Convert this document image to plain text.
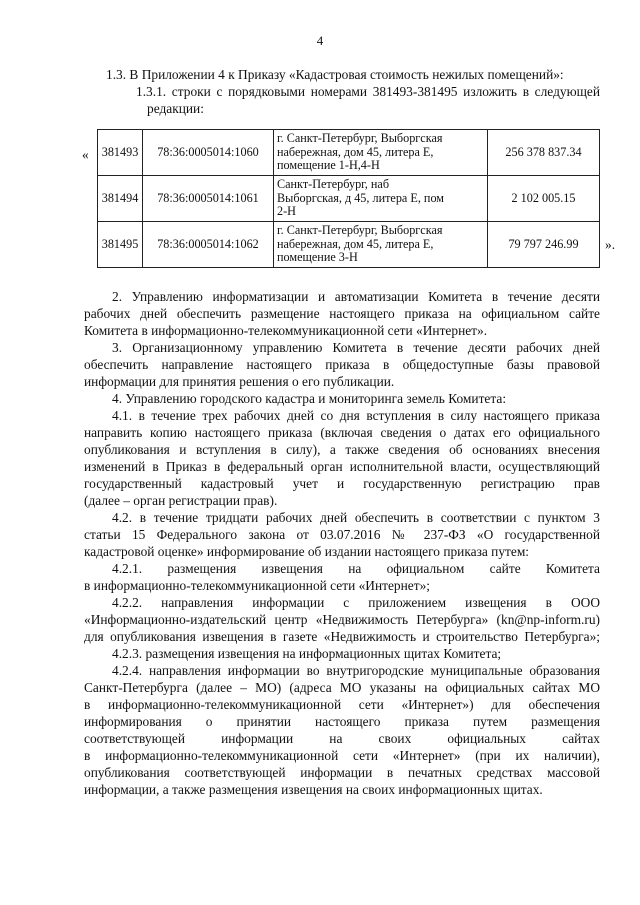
4
1.3. В Приложении 4 к Приказу «Кадастровая стоимость нежилых помещений»:
1.3.1. строки с порядковыми номерами 381493-381495 изложить в следующей
редакции:
« 381493	78:36:0005014:1060	г. Санкт-Петербург, Выборгская
набережная, дом 45, литера Е,
помещение 1-Н,4-Н	256 378 837.34
381494	78:36:0005014:1061	Санкт-Петербург, наб
Выборгская, д 45, литера Е, пом
2-Н	2 102 005.15
381495	78:36:0005014:1062	г. Санкт-Петербург, Выборгская
набережная, дом 45, литера Е,
помещение 3-Н	79 797 246.99 ».
2. Управлению информатизации и автоматизации Комитета в течение десяти
рабочих дней обеспечить размещение настоящего приказа на официальном сайте
Комитета в информационно-телекоммуникационной сети «Интернет».
3. Организационному управлению Комитета в течение десяти рабочих дней
обеспечить направление настоящего приказа в общедоступные базы правовой
информации для принятия решения о его публикации.
4. Управлению городского кадастра и мониторинга земель Комитета:
4.1. в течение трех рабочих дней со дня вступления в силу настоящего приказа
направить копию настоящего приказа (включая сведения о датах его официального
опубликования и вступления в силу), а также сведения об основаниях внесения
изменений в Приказ в федеральный орган исполнительной власти, осуществляющий
государственный кадастровый учет и государственную регистрацию прав
(далее – орган регистрации прав).
4.2. в течение тридцати рабочих дней обеспечить в соответствии с пунктом 3
статьи 15 Федерального закона от 03.07.2016 № 237-ФЗ «О государственной
кадастровой оценке» информирование об издании настоящего приказа путем:
4.2.1. размещения извещения на официальном сайте Комитета
в информационно-телекоммуникационной сети «Интернет»;
4.2.2. направления информации с приложением извещения в ООО
«Информационно-издательский центр «Недвижимость Петербурга» (kn@np-inform.ru)
для опубликования извещения в газете «Недвижимость и строительство Петербурга»;
4.2.3. размещения извещения на информационных щитах Комитета;
4.2.4. направления информации во внутригородские муниципальные образования
Санкт-Петербурга (далее – МО) (адреса МО указаны на официальных сайтах МО
в информационно-телекоммуникационной сети «Интернет») для обеспечения
информирования о принятии настоящего приказа путем размещения
соответствующей информации на своих официальных сайтах
в информационно-телекоммуникационной сети «Интернет» (при их наличии),
опубликования соответствующей информации в печатных средствах массовой
информации, а также размещения извещения на своих информационных щитах.
